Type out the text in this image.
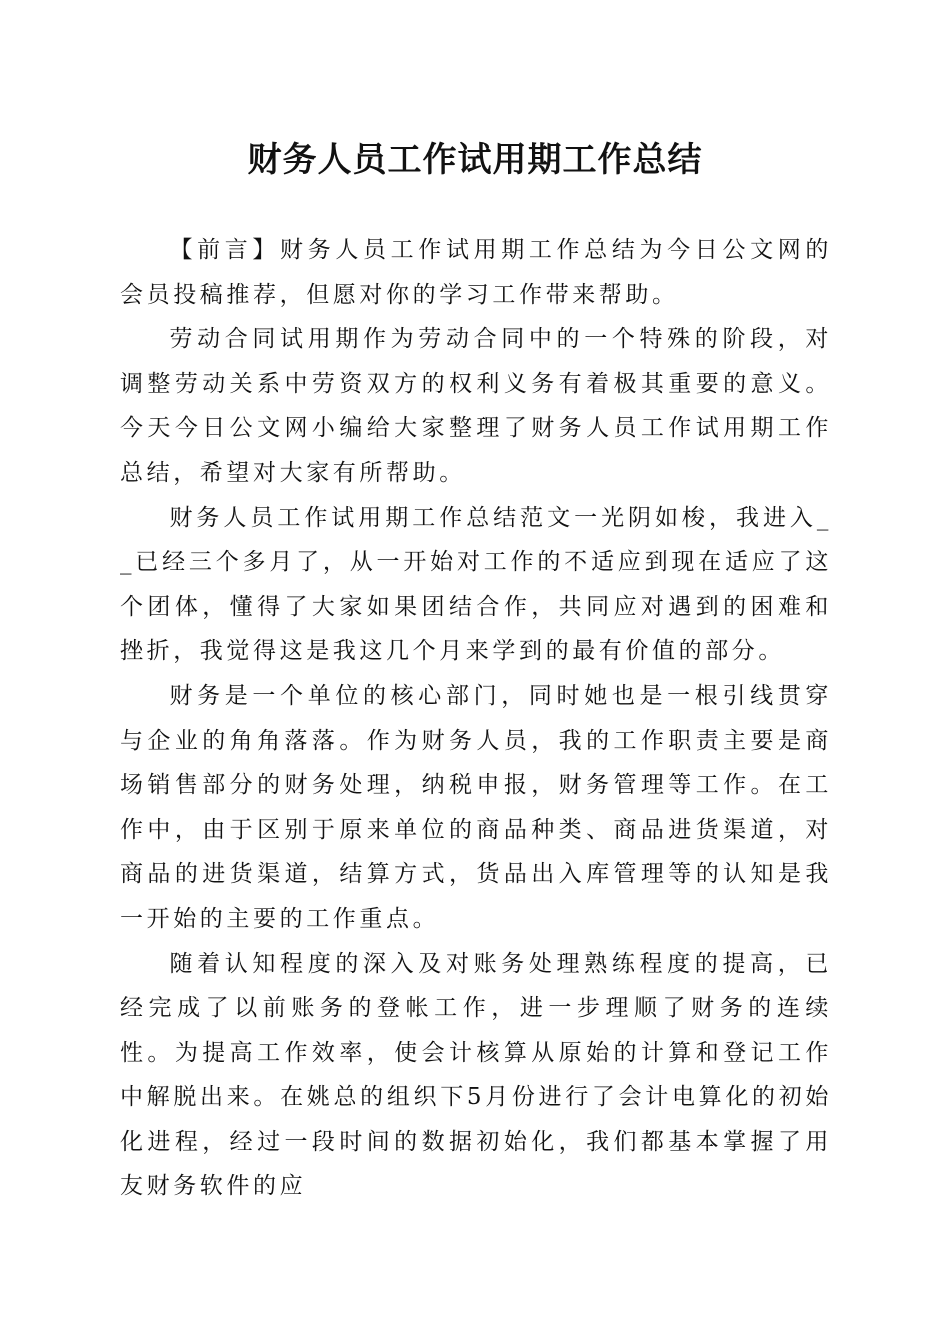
财务人员工作试用期工作总结

【前言】财务人员工作试用期工作总结为今日公文网的会员投稿推荐，但愿对你的学习工作带来帮助。

劳动合同试用期作为劳动合同中的一个特殊的阶段，对调整劳动关系中劳资双方的权利义务有着极其重要的意义。今天今日公文网小编给大家整理了财务人员工作试用期工作总结，希望对大家有所帮助。

财务人员工作试用期工作总结范文一光阴如梭，我进入__已经三个多月了，从一开始对工作的不适应到现在适应了这个团体，懂得了大家如果团结合作，共同应对遇到的困难和挫折，我觉得这是我这几个月来学到的最有价值的部分。

财务是一个单位的核心部门，同时她也是一根引线贯穿与企业的角角落落。作为财务人员，我的工作职责主要是商场销售部分的财务处理，纳税申报，财务管理等工作。在工作中，由于区别于原来单位的商品种类、商品进货渠道，对商品的进货渠道，结算方式，货品出入库管理等的认知是我一开始的主要的工作重点。

随着认知程度的深入及对账务处理熟练程度的提高，已经完成了以前账务的登帐工作，进一步理顺了财务的连续性。为提高工作效率，使会计核算从原始的计算和登记工作中解脱出来。在姚总的组织下5月份进行了会计电算化的初始化进程，经过一段时间的数据初始化，我们都基本掌握了用友财务软件的应
